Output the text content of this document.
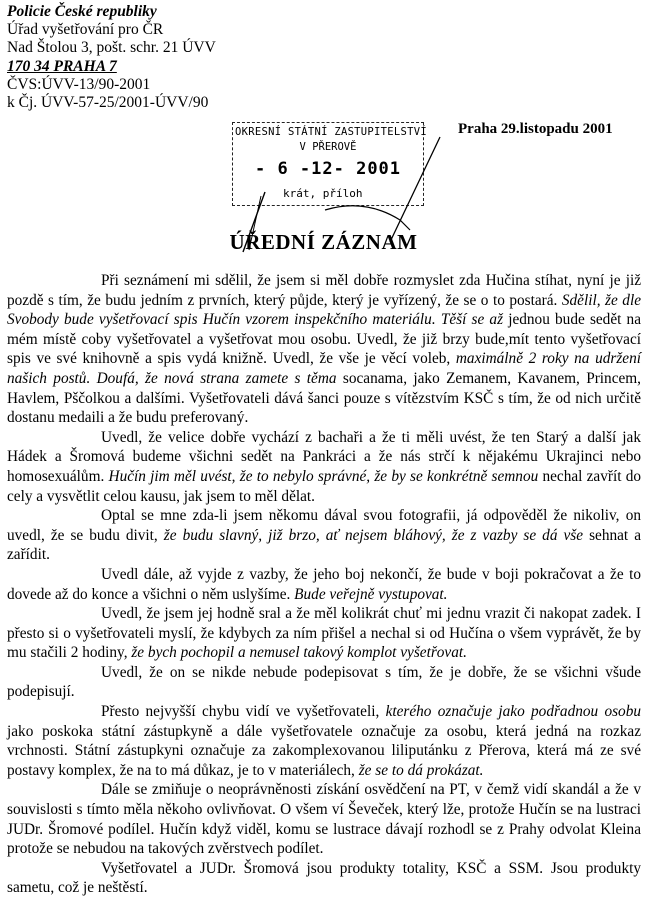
Policie České republiky
Úřad vyšetřování pro ČR
Nad Štolou 3, pošt. schr. 21 ÚVV
170 34 PRAHA 7
ČVS:ÚVV-13/90-2001
k Čj. ÚVV-57-25/2001-ÚVV/90
OKRESNÍ STÁTNÍ ZASTUPITELSTVÍ
V PŘEROVĚ
- 6 -12- 2001
krát, příloh
Praha 29.listopadu 2001
ÚŘEDNÍ ZÁZNAM

Při seznámení mi sdělil, že jsem si měl dobře rozmyslet zda Hučina stíhat, nyní je již pozdě s tím, že budu jedním z prvních, který půjde, který je vyřízený, že se o to postará. Sdělil, že dle Svobody bude vyšetřovací spis Hučín vzorem inspekčního materiálu. Těší se až jednou bude sedět na mém místě coby vyšetřovatel a vyšetřovat mou osobu. Uvedl, že již brzy bude,mít tento vyšetřovací spis ve své knihovně a spis vydá knižně. Uvedl, že vše je věcí voleb, maximálně 2 roky na udržení našich postů. Doufá, že nová strana zamete s těma socanama, jako Zemanem, Kavanem, Princem, Havlem, Pščolkou a dalšími. Vyšetřovateli dává šanci pouze s vítězstvím KSČ s tím, že od nich určitě dostanu medaili a že budu preferovaný.

Uvedl, že velice dobře vychází z bachaři a že ti měli uvést, že ten Starý a další jak Hádek a Šromová budeme všichni sedět na Pankráci a že nás strčí k nějakému Ukrajinci nebo homosexuálům. Hučín jim měl uvést, že to nebylo správné, že by se konkrétně semnou nechal zavřít do cely a vysvětlit celou kausu, jak jsem to měl dělat.

Optal se mne zda-li jsem někomu dával svou fotografii, já odpověděl že nikoliv, on uvedl, že se budu divit, že budu slavný, již brzo, ať nejsem bláhový, že z vazby se dá vše sehnat a zařídit.

Uvedl dále, až vyjde z vazby, že jeho boj nekončí, že bude v boji pokračovat a že to dovede až do konce a všichni o něm uslyšíme. Bude veřejně vystupovat.

Uvedl, že jsem jej hodně sral a že měl kolikrát chuť mi jednu vrazit či nakopat zadek. I přesto si o vyšetřovateli myslí, že kdybych za ním přišel a nechal si od Hučína o všem vyprávět, že by mu stačili 2 hodiny, že bych pochopil a nemusel takový komplot vyšetřovat.

Uvedl, že on se nikde nebude podepisovat s tím, že je dobře, že se všichni všude podepisují.

Přesto nejvyšší chybu vidí ve vyšetřovateli, kterého označuje jako podřadnou osobu jako poskoka státní zástupkyně a dále vyšetřovatele označuje za osobu, která jedná na rozkaz vrchnosti. Státní zástupkyni označuje za zakomplexovanou liliputánku z Přerova, která má ze své postavy komplex, že na to má důkaz, je to v materiálech, že se to dá prokázat.

Dále se zmiňuje o neoprávněnosti získání osvědčení na PT, v čemž vidí skandál a že v souvislosti s tímto měla někoho ovlivňovat. O všem ví Ševeček, který lže, protože Hučín se na lustraci JUDr. Šromové podílel. Hučín když viděl, komu se lustrace dávají rozhodl se z Prahy odvolat Kleina protože se nebudou na takových zvěrstvech podílet.

Vyšetřovatel a JUDr. Šromová jsou produkty totality, KSČ a SSM. Jsou produkty sametu, což je neštěstí.
